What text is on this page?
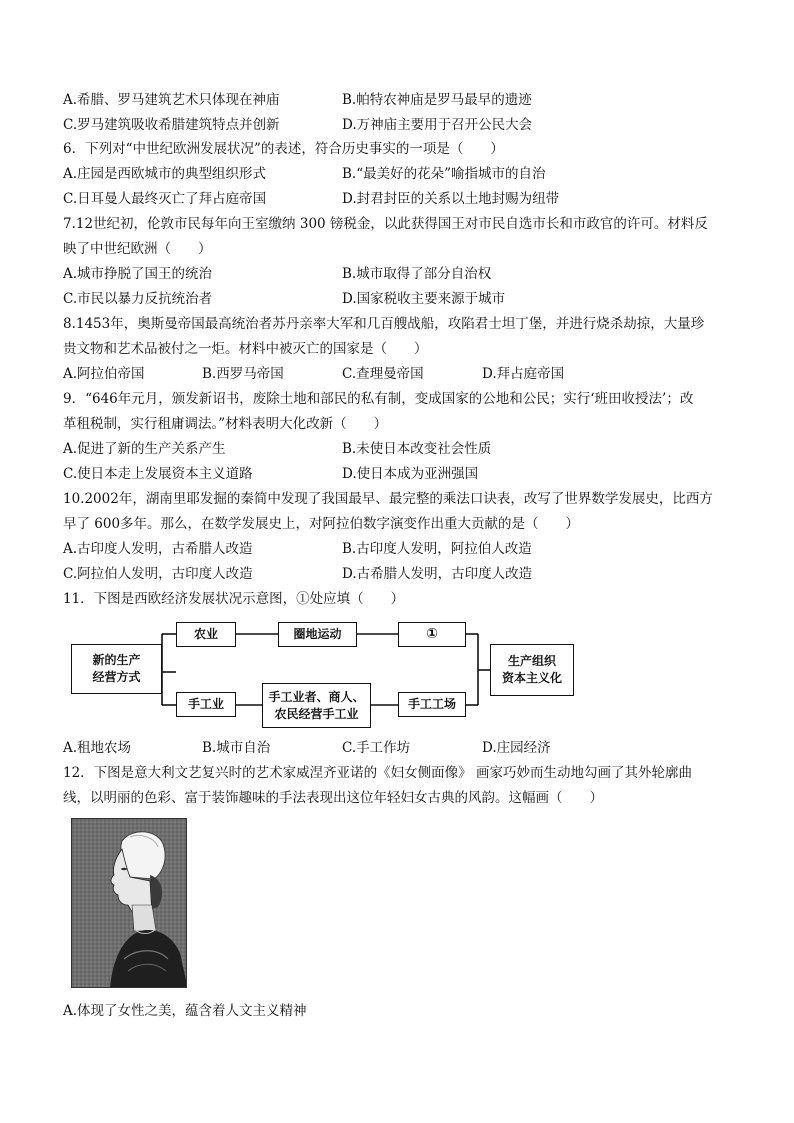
A.希腊、罗马建筑艺术只体现在神庙	B.帕特农神庙是罗马最早的遗迹
C.罗马建筑吸收希腊建筑特点并创新	D.万神庙主要用于召开公民大会
6．下列对“中世纪欧洲发展状况”的表述，符合历史事实的一项是（　　）
A.庄园是西欧城市的典型组织形式	B.“最美好的花朵”喻指城市的自治
C.日耳曼人最终灭亡了拜占庭帝国	D.封君封臣的关系以土地封赐为纽带
7.12世纪初，伦敦市民每年向王室缴纳 300 镑税金，以此获得国王对市民自选市长和市政官的许可。材料反
映了中世纪欧洲（　　）
A.城市挣脱了国王的统治	B.城市取得了部分自治权
C.市民以暴力反抗统治者	D.国家税收主要来源于城市
8.1453年，奥斯曼帝国最高统治者苏丹亲率大军和几百艘战船，攻陷君士坦丁堡，并进行烧杀劫掠，大量珍
贵文物和艺术品被付之一炬。材料中被灭亡的国家是（　　）
A.阿拉伯帝国	B.西罗马帝国	C.查理曼帝国	D.拜占庭帝国
9．“646年元月，颁发新诏书，废除土地和部民的私有制，变成国家的公地和公民；实行‘班田收授法’；改
革租税制，实行租庸调法。”材料表明大化改新（　　）
A.促进了新的生产关系产生	B.未使日本改变社会性质
C.使日本走上发展资本主义道路	D.使日本成为亚洲强国
10.2002年，湖南里耶发掘的秦简中发现了我国最早、最完整的乘法口诀表，改写了世界数学发展史，比西方
早了 600多年。那么，在数学发展史上，对阿拉伯数字演变作出重大贡献的是（　　）
A.古印度人发明，古希腊人改造	B.古印度人发明，阿拉伯人改造
C.阿拉伯人发明，古印度人改造	D.古希腊人发明，古印度人改造
11．下图是西欧经济发展状况示意图，①处应填（　　）
新的生产
经营方式
农业	圈地运动	①
手工业
手工业者、商人、
农民经营手工业
手工工场
生产组织
资本主义化
A.租地农场	B.城市自治	C.手工作坊	D.庄园经济
12．下图是意大利文艺复兴时的艺术家威涅齐亚诺的《妇女侧面像》 画家巧妙而生动地勾画了其外轮廓曲
线，以明丽的色彩、富于装饰趣味的手法表现出这位年轻妇女古典的风韵。这幅画（　　）
A.体现了女性之美，蕴含着人文主义精神
